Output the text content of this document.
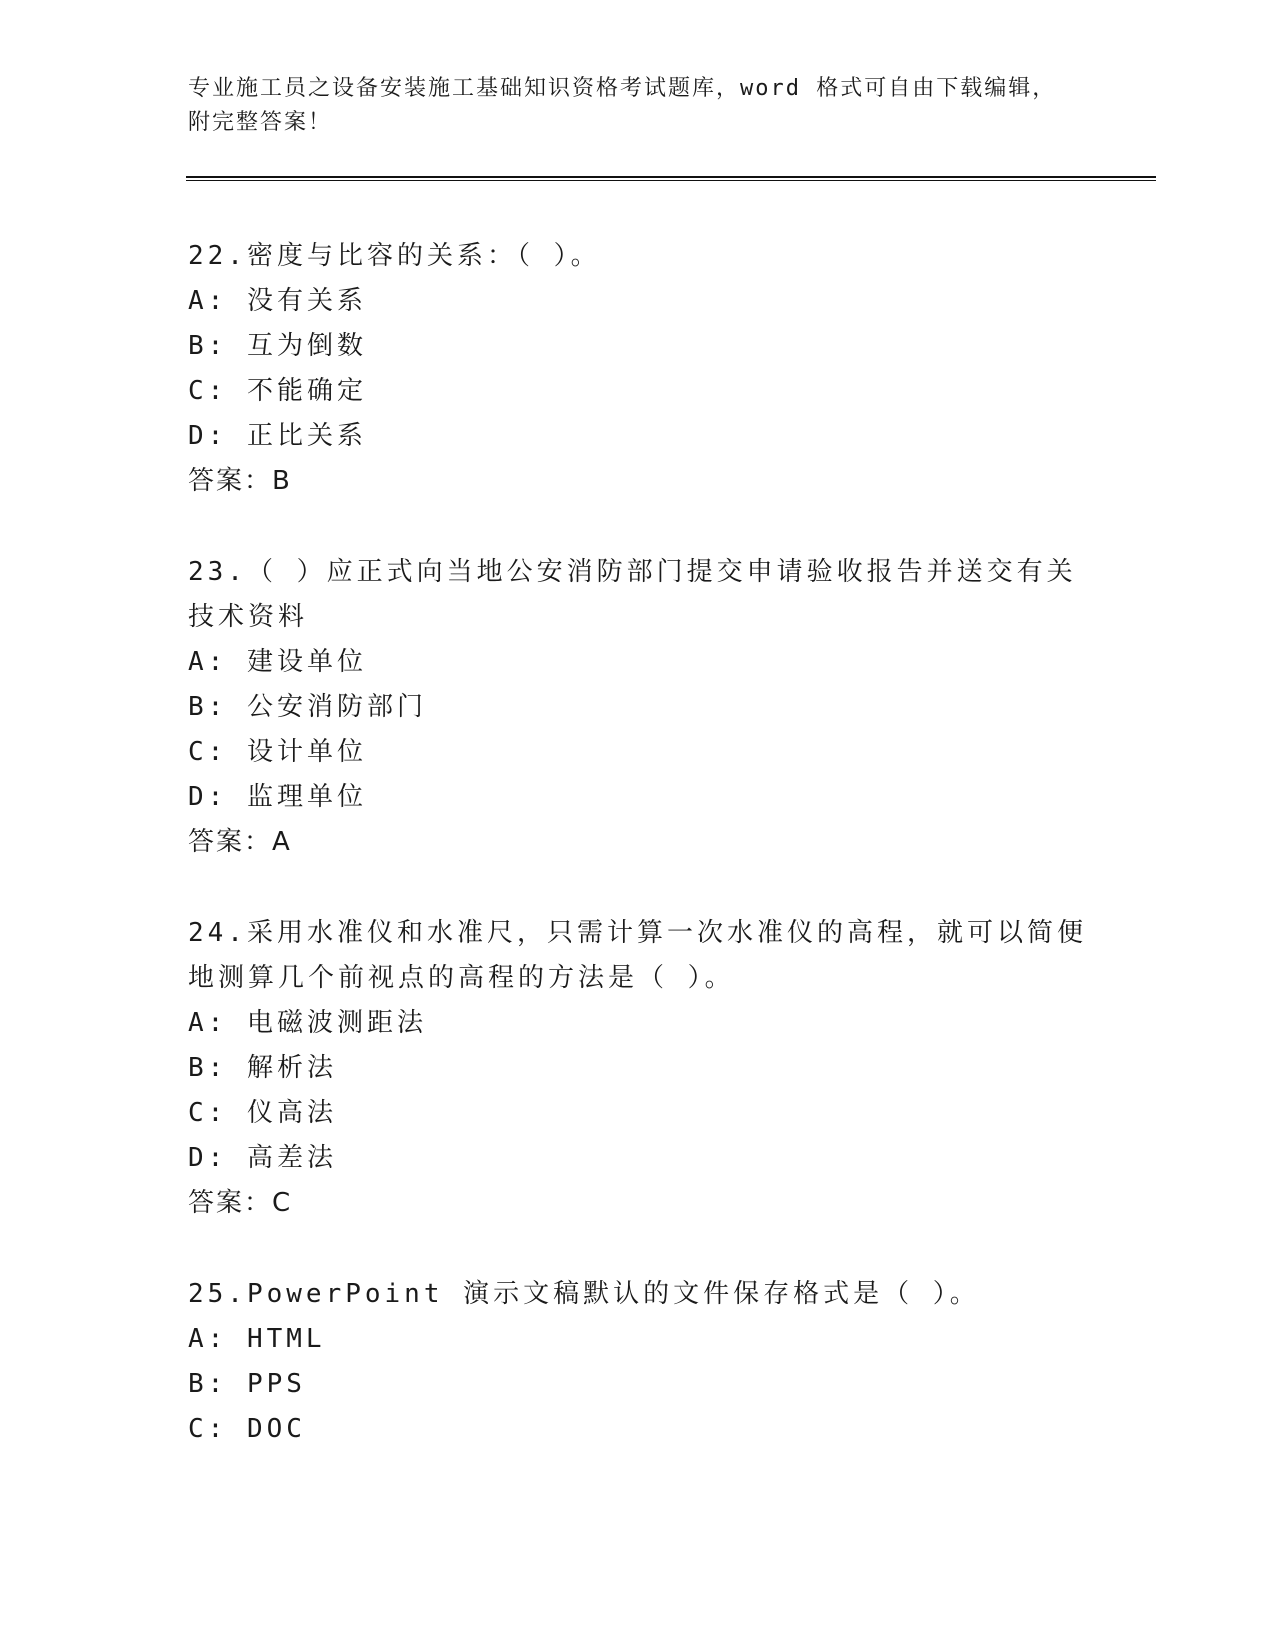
专业施工员之设备安装施工基础知识资格考试题库，word 格式可自由下载编辑，附完整答案！
22.密度与比容的关系：（ ）。
A: 没有关系
B: 互为倒数
C: 不能确定
D: 正比关系
答案：B
23.（ ）应正式向当地公安消防部门提交申请验收报告并送交有关技术资料
A: 建设单位
B: 公安消防部门
C: 设计单位
D: 监理单位
答案：A
24.采用水准仪和水准尺，只需计算一次水准仪的高程，就可以简便地测算几个前视点的高程的方法是（ ）。
A: 电磁波测距法
B: 解析法
C: 仪高法
D: 高差法
答案：C
25.PowerPoint 演示文稿默认的文件保存格式是（ ）。
A: HTML
B: PPS
C: DOC
